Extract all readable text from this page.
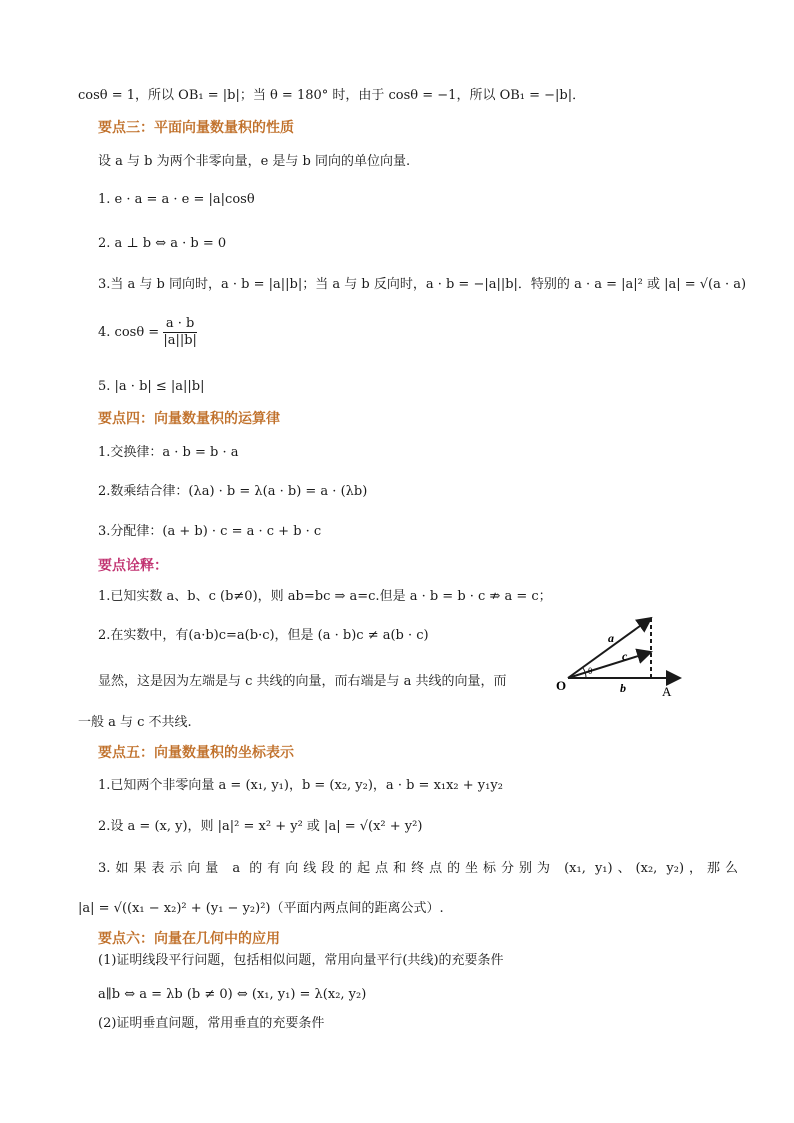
cosθ = 1，所以 OB₁ = |b|；当 θ = 180° 时，由于 cosθ = −1，所以 OB₁ = −|b|．
要点三：平面向量数量积的性质
设 a 与 b 为两个非零向量，e 是与 b 同向的单位向量.
1. e · a = a · e = |a|cosθ
2. a ⊥ b ⇔ a · b = 0
3.当 a 与 b 同向时，a · b = |a||b|；当 a 与 b 反向时，a · b = −|a||b|．特别的 a · a = |a|² 或 |a| = √(a · a)
4. $\cos\theta = \frac{a \cdot b}{|a||b|}$
5. |a · b| ≤ |a||b|
要点四：向量数量积的运算律
1.交换律：a · b = b · a
2.数乘结合律：(λa) · b = λ(a · b) = a · (λb)
3.分配律：(a + b) · c = a · c + b · c
要点诠释：
1.已知实数 a、b、c (b≠0)，则 ab=bc ⇒ a=c.但是 a · b = b · c ⇏ a = c；
2.在实数中，有(a·b)c=a(b·c)，但是 (a · b)c ≠ a(b · c)
显然，这是因为左端是与 c 共线的向量，而右端是与 a 共线的向量，而
一般 a 与 c 不共线.
a
c
b
O	A
θ
要点五：向量数量积的坐标表示
1.已知两个非零向量 a = (x₁, y₁)，b = (x₂, y₂)，a · b = x₁x₂ + y₁y₂
2.设 a = (x, y)，则 |a|² = x² + y² 或 |a| = √(x² + y²)
3.如果表示向量 a 的有向线段的起点和终点的坐标分别为 (x₁, y₁)、(x₂, y₂)，那么
|a| = √((x₁ − x₂)² + (y₁ − y₂)²)（平面内两点间的距离公式）.
要点六：向量在几何中的应用
(1)证明线段平行问题，包括相似问题，常用向量平行(共线)的充要条件
a∥b ⇔ a = λb (b ≠ 0) ⇔ (x₁, y₁) = λ(x₂, y₂)
(2)证明垂直问题，常用垂直的充要条件
